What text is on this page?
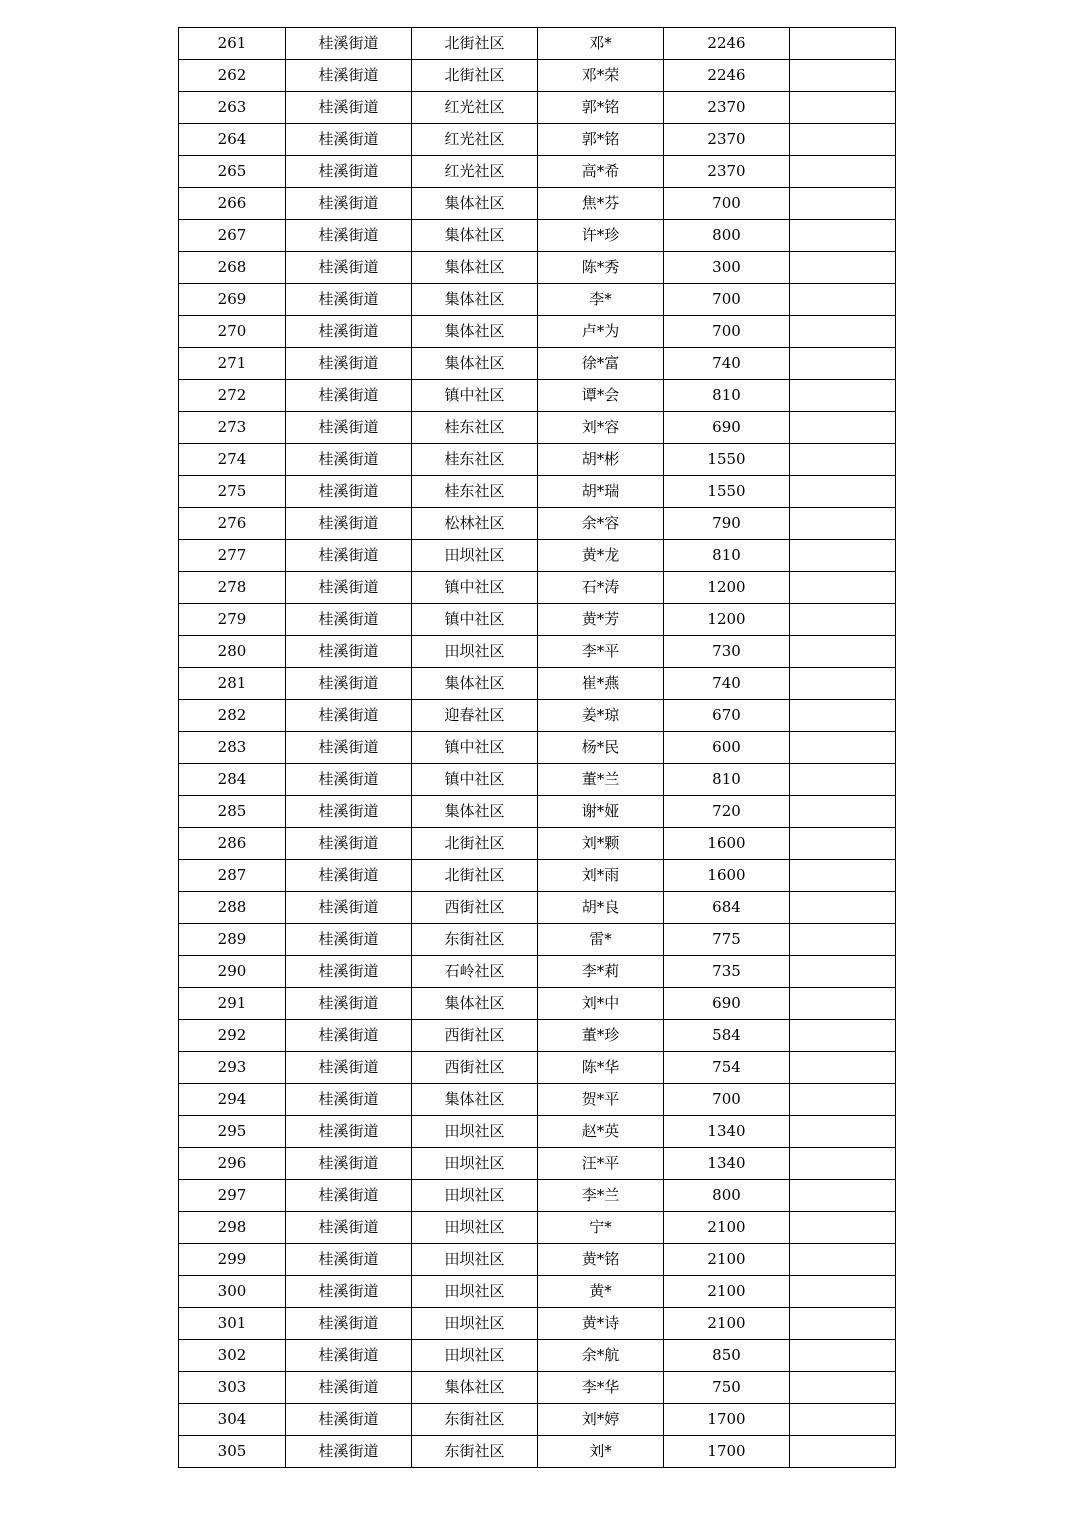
261	桂溪街道	北街社区	邓*	2246	
262	桂溪街道	北街社区	邓*荣	2246	
263	桂溪街道	红光社区	郭*铭	2370	
264	桂溪街道	红光社区	郭*铭	2370	
265	桂溪街道	红光社区	高*希	2370	
266	桂溪街道	集体社区	焦*芬	700	
267	桂溪街道	集体社区	许*珍	800	
268	桂溪街道	集体社区	陈*秀	300	
269	桂溪街道	集体社区	李*	700	
270	桂溪街道	集体社区	卢*为	700	
271	桂溪街道	集体社区	徐*富	740	
272	桂溪街道	镇中社区	谭*会	810	
273	桂溪街道	桂东社区	刘*容	690	
274	桂溪街道	桂东社区	胡*彬	1550	
275	桂溪街道	桂东社区	胡*瑞	1550	
276	桂溪街道	松林社区	余*容	790	
277	桂溪街道	田坝社区	黄*龙	810	
278	桂溪街道	镇中社区	石*涛	1200	
279	桂溪街道	镇中社区	黄*芳	1200	
280	桂溪街道	田坝社区	李*平	730	
281	桂溪街道	集体社区	崔*燕	740	
282	桂溪街道	迎春社区	姜*琼	670	
283	桂溪街道	镇中社区	杨*民	600	
284	桂溪街道	镇中社区	董*兰	810	
285	桂溪街道	集体社区	谢*娅	720	
286	桂溪街道	北街社区	刘*颗	1600	
287	桂溪街道	北街社区	刘*雨	1600	
288	桂溪街道	西街社区	胡*良	684	
289	桂溪街道	东街社区	雷*	775	
290	桂溪街道	石岭社区	李*莉	735	
291	桂溪街道	集体社区	刘*中	690	
292	桂溪街道	西街社区	董*珍	584	
293	桂溪街道	西街社区	陈*华	754	
294	桂溪街道	集体社区	贺*平	700	
295	桂溪街道	田坝社区	赵*英	1340	
296	桂溪街道	田坝社区	汪*平	1340	
297	桂溪街道	田坝社区	李*兰	800	
298	桂溪街道	田坝社区	宁*	2100	
299	桂溪街道	田坝社区	黄*铭	2100	
300	桂溪街道	田坝社区	黄*	2100	
301	桂溪街道	田坝社区	黄*诗	2100	
302	桂溪街道	田坝社区	余*航	850	
303	桂溪街道	集体社区	李*华	750	
304	桂溪街道	东街社区	刘*婷	1700	
305	桂溪街道	东街社区	刘*	1700	
